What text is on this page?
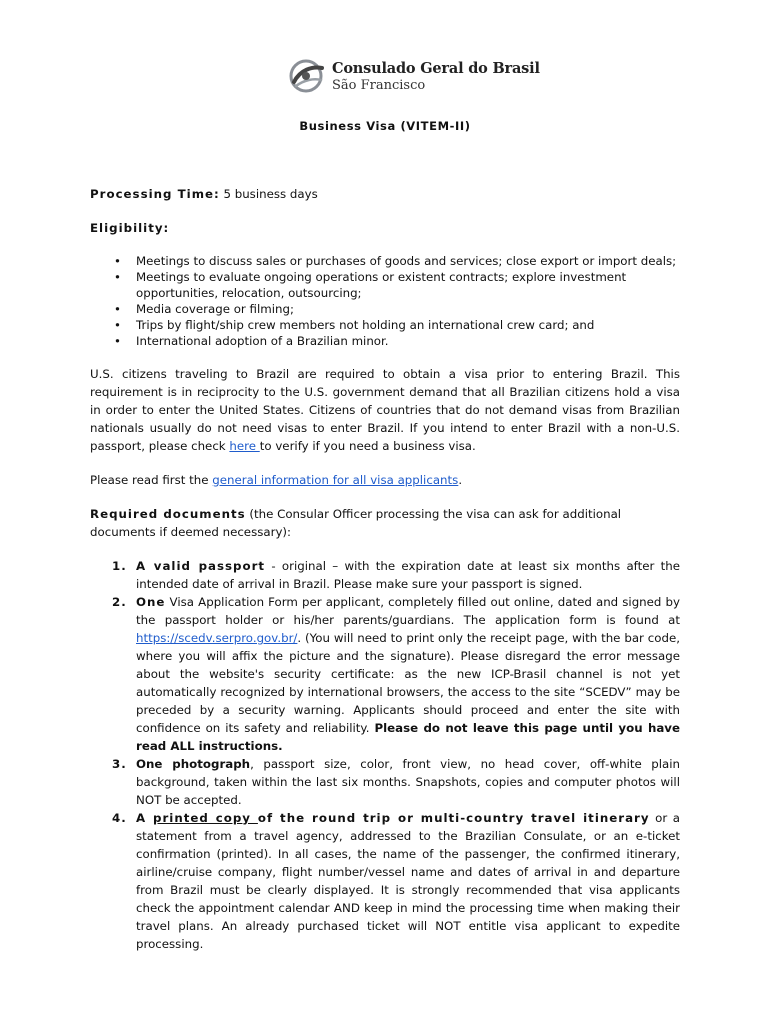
Consulado Geral do Brasil
São Francisco
Business Visa (VITEM-II)

Processing Time: 5 business days

Eligibility:

• Meetings to discuss sales or purchases of goods and services; close export or import deals;
• Meetings to evaluate ongoing operations or existent contracts; explore investment opportunities, relocation, outsourcing;
• Media coverage or filming;
• Trips by flight/ship crew members not holding an international crew card; and
• International adoption of a Brazilian minor.

U.S. citizens traveling to Brazil are required to obtain a visa prior to entering Brazil. This requirement is in reciprocity to the U.S. government demand that all Brazilian citizens hold a visa in order to enter the United States. Citizens of countries that do not demand visas from Brazilian nationals usually do not need visas to enter Brazil. If you intend to enter Brazil with a non-U.S. passport, please check here to verify if you need a business visa.

Please read first the general information for all visa applicants.

Required documents (the Consular Officer processing the visa can ask for additional documents if deemed necessary):

1. A valid passport - original – with the expiration date at least six months after the intended date of arrival in Brazil. Please make sure your passport is signed.
2. One Visa Application Form per applicant, completely filled out online, dated and signed by the passport holder or his/her parents/guardians. The application form is found at https://scedv.serpro.gov.br/. (You will need to print only the receipt page, with the bar code, where you will affix the picture and the signature). Please disregard the error message about the website's security certificate: as the new ICP-Brasil channel is not yet automatically recognized by international browsers, the access to the site “SCEDV” may be preceded by a security warning. Applicants should proceed and enter the site with confidence on its safety and reliability. Please do not leave this page until you have read ALL instructions.
3. One photograph, passport size, color, front view, no head cover, off-white plain background, taken within the last six months. Snapshots, copies and computer photos will NOT be accepted.
4. A printed copy of the round trip or multi-country travel itinerary or a statement from a travel agency, addressed to the Brazilian Consulate, or an e-ticket confirmation (printed). In all cases, the name of the passenger, the confirmed itinerary, airline/cruise company, flight number/vessel name and dates of arrival in and departure from Brazil must be clearly displayed. It is strongly recommended that visa applicants check the appointment calendar AND keep in mind the processing time when making their travel plans. An already purchased ticket will NOT entitle visa applicant to expedite processing.
